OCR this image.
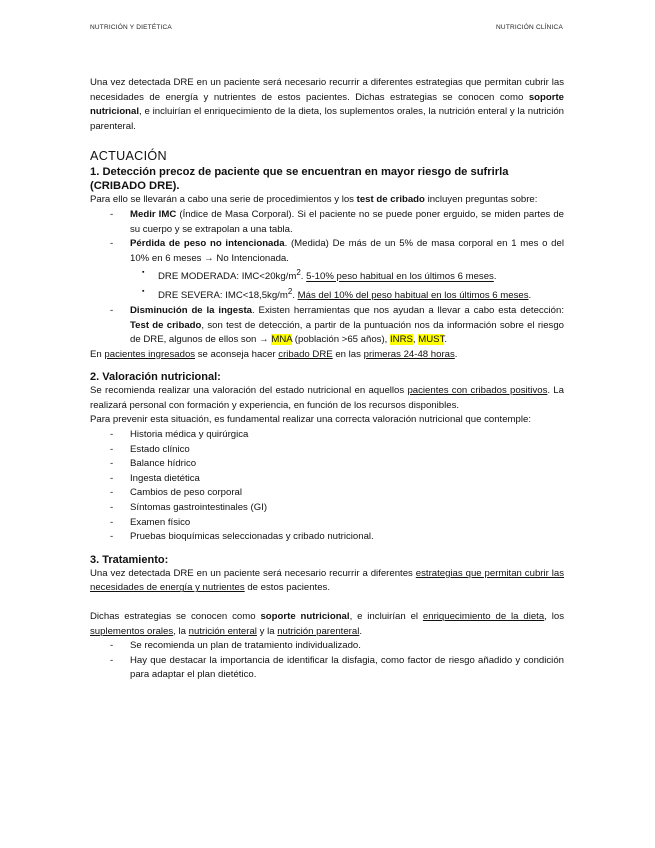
NUTRICIÓN Y DIETÉTICA	NUTRICIÓN CLÍNICA

Una vez detectada DRE en un paciente será necesario recurrir a diferentes estrategias que permitan cubrir las necesidades de energía y nutrientes de estos pacientes. Dichas estrategias se conocen como soporte nutricional, e incluirían el enriquecimiento de la dieta, los suplementos orales, la nutrición enteral y la nutrición parenteral.

ACTUACIÓN
1. Detección precoz de paciente que se encuentran en mayor riesgo de sufrirla (CRIBADO DRE).

Para ello se llevarán a cabo una serie de procedimientos y los test de cribado incluyen preguntas sobre:

- Medir IMC (Índice de Masa Corporal). Si el paciente no se puede poner erguido, se miden partes de su cuerpo y se extrapolan a una tabla.
- Pérdida de peso no intencionada. (Medida) De más de un 5% de masa corporal en 1 mes o del 10% en 6 meses → No Intencionada.
▪ DRE MODERADA: $IMC<20kg/m^2$. 5-10% peso habitual en los últimos 6 meses.
▪ DRE SEVERA: $IMC<18,5kg/m^2$. Más del 10% del peso habitual en los últimos 6 meses.
- Disminución de la ingesta. Existen herramientas que nos ayudan a llevar a cabo esta detección: Test de cribado, son test de detección, a partir de la puntuación nos da información sobre el riesgo de DRE, algunos de ellos son → MNA (población >65 años), INRS, MUST.

En pacientes ingresados se aconseja hacer cribado DRE en las primeras 24-48 horas.

2. Valoración nutricional:

Se recomienda realizar una valoración del estado nutricional en aquellos pacientes con cribados positivos. La realizará personal con formación y experiencia, en función de los recursos disponibles.

Para prevenir esta situación, es fundamental realizar una correcta valoración nutricional que contemple:

- Historia médica y quirúrgica
- Estado clínico
- Balance hídrico
- Ingesta dietética
- Cambios de peso corporal
- Síntomas gastrointestinales (GI)
- Examen físico
- Pruebas bioquímicas seleccionadas y cribado nutricional.
3. Tratamiento:

Una vez detectada DRE en un paciente será necesario recurrir a diferentes estrategias que permitan cubrir las necesidades de energía y nutrientes de estos pacientes.

Dichas estrategias se conocen como soporte nutricional, e incluirían el enriquecimiento de la dieta, los suplementos orales, la nutrición enteral y la nutrición parenteral.

- Se recomienda un plan de tratamiento individualizado.
- Hay que destacar la importancia de identificar la disfagia, como factor de riesgo añadido y condición para adaptar el plan dietético.
